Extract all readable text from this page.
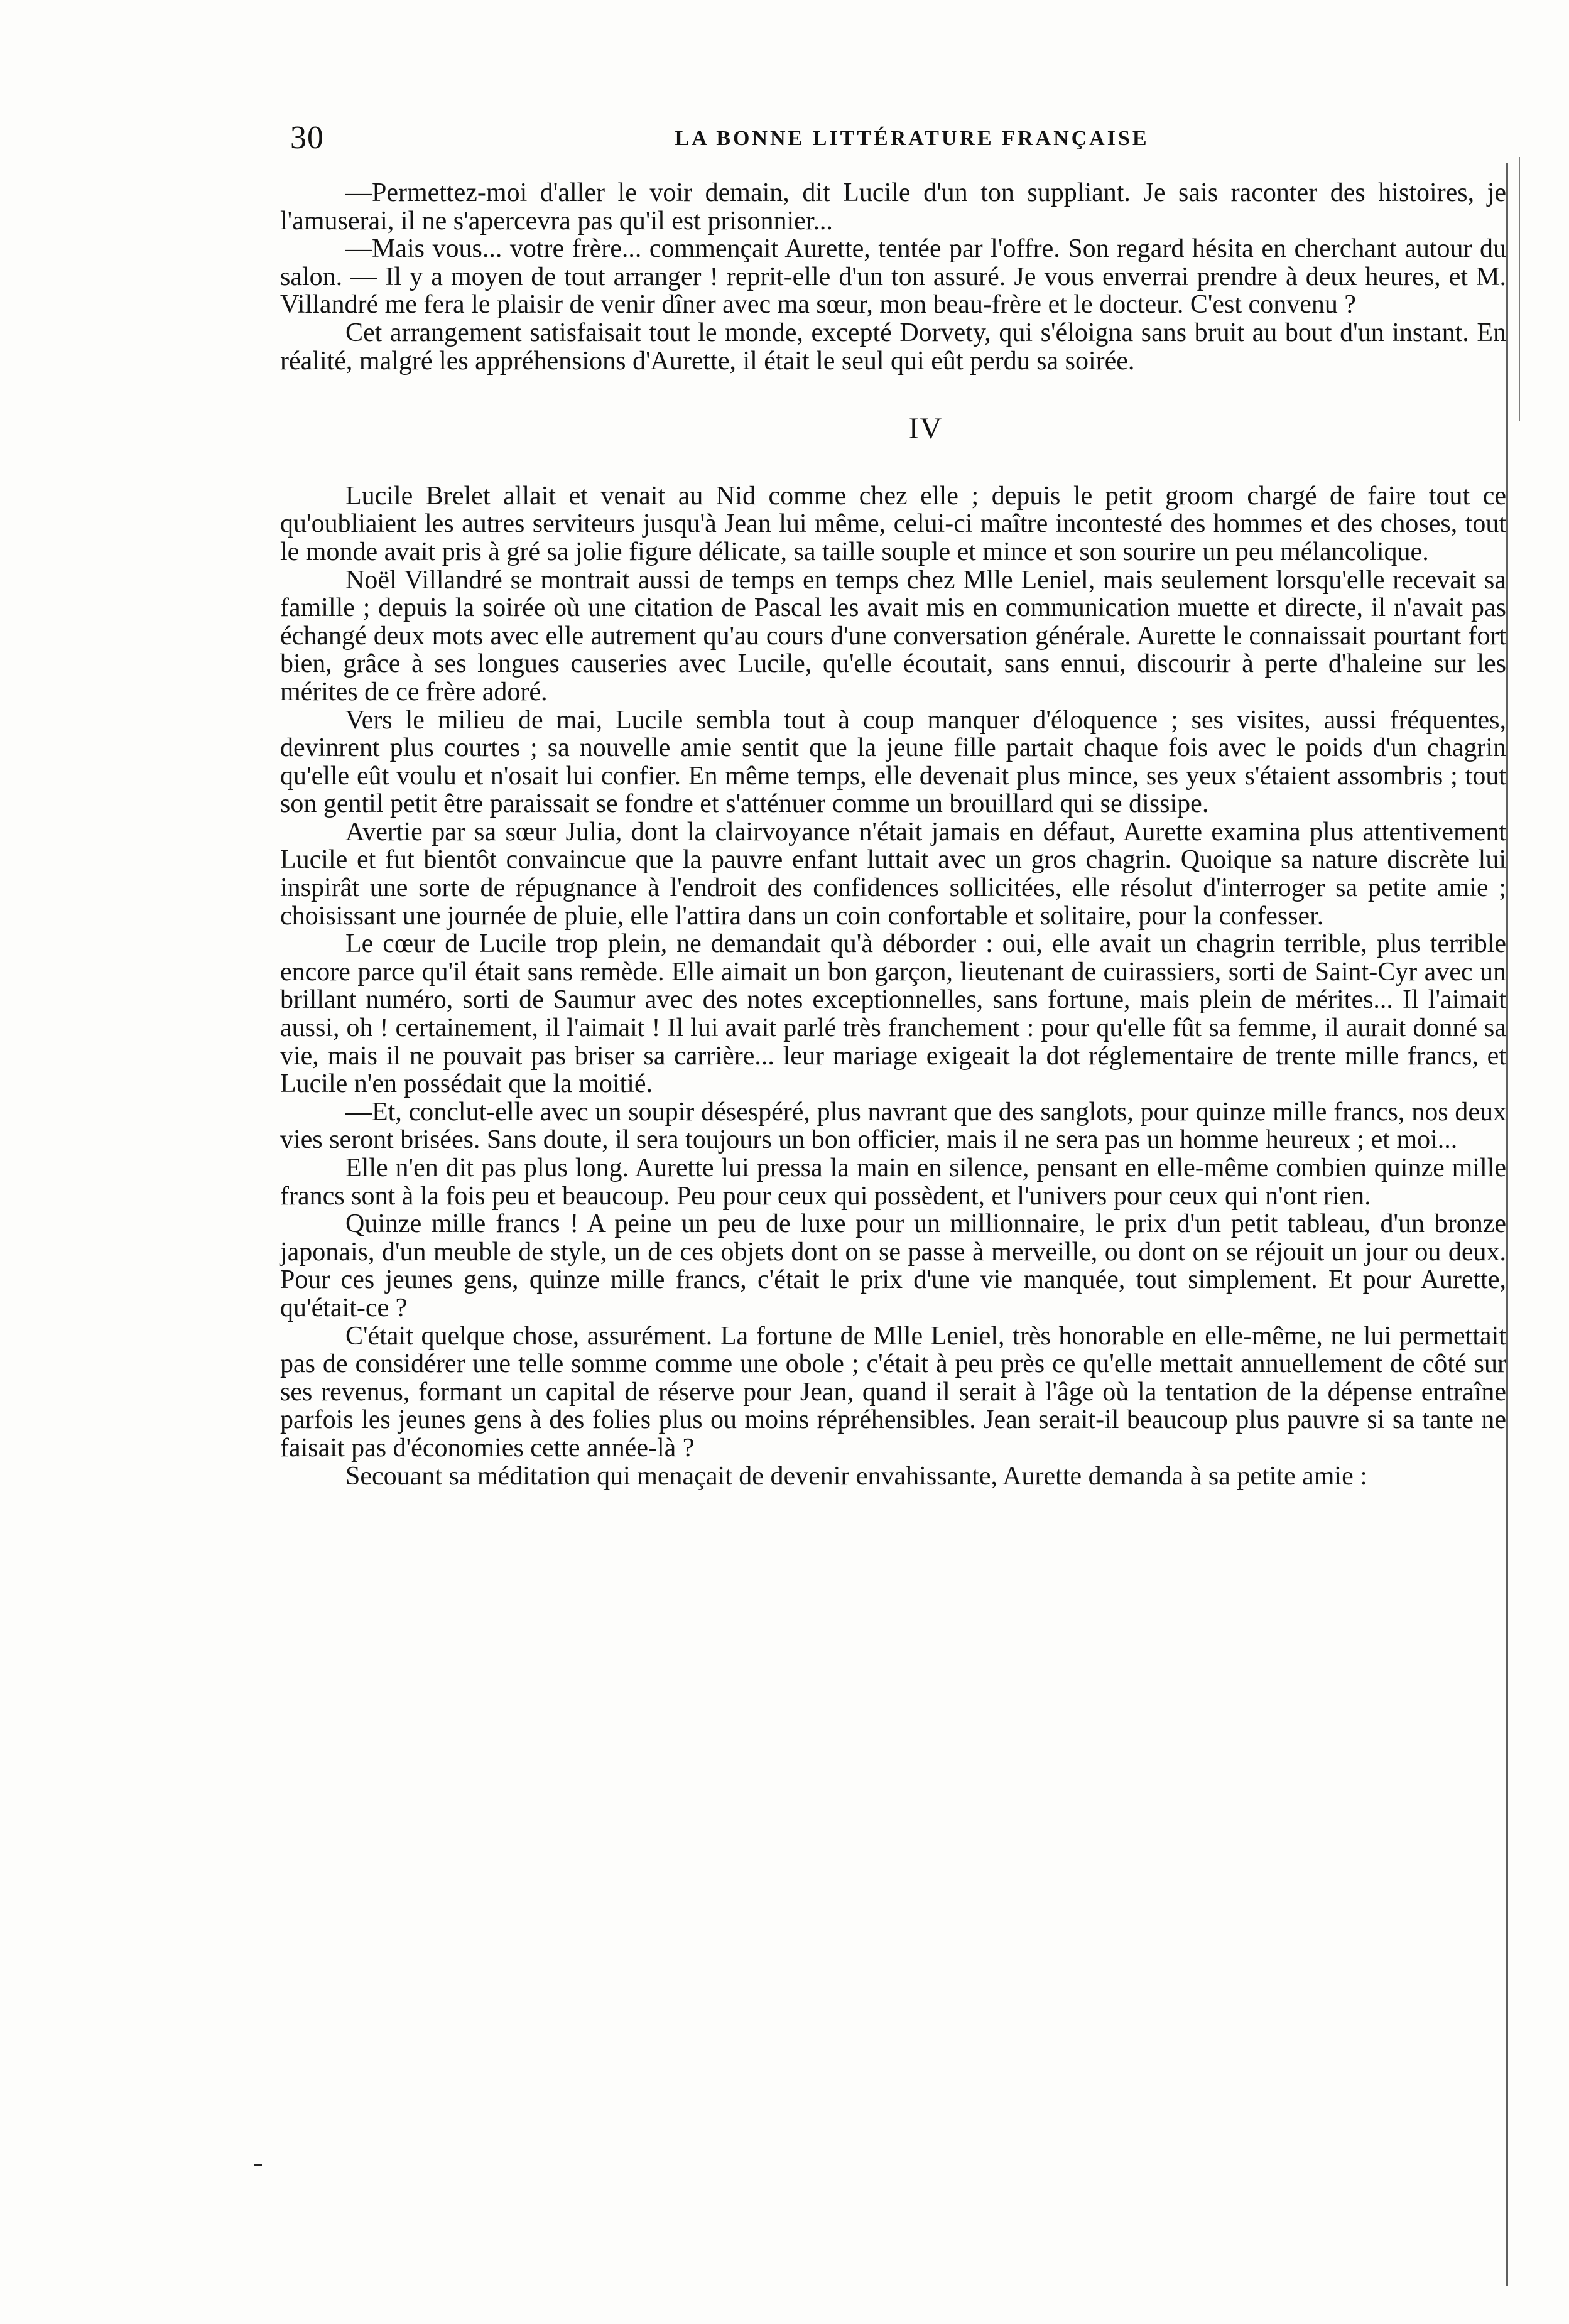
30	LA BONNE LITTÉRATURE FRANÇAISE

—Permettez-moi d'aller le voir demain, dit Lucile d'un ton suppliant. Je sais raconter des histoires, je l'amuserai, il ne s'apercevra pas qu'il est prisonnier...

—Mais vous... votre frère... commençait Aurette, tentée par l'offre. Son regard hésita en cherchant autour du salon. — Il y a moyen de tout arranger ! reprit-elle d'un ton assuré. Je vous enverrai prendre à deux heures, et M. Villandré me fera le plaisir de venir dîner avec ma sœur, mon beau-frère et le docteur. C'est convenu ?

Cet arrangement satisfaisait tout le monde, excepté Dorvety, qui s'éloigna sans bruit au bout d'un instant. En réalité, malgré les appréhensions d'Aurette, il était le seul qui eût perdu sa soirée.

IV

Lucile Brelet allait et venait au Nid comme chez elle ; depuis le petit groom chargé de faire tout ce qu'oubliaient les autres serviteurs jusqu'à Jean lui même, celui-ci maître incontesté des hommes et des choses, tout le monde avait pris à gré sa jolie figure délicate, sa taille souple et mince et son sourire un peu mélancolique.

Noël Villandré se montrait aussi de temps en temps chez Mlle Leniel, mais seulement lorsqu'elle recevait sa famille ; depuis la soirée où une citation de Pascal les avait mis en communication muette et directe, il n'avait pas échangé deux mots avec elle autrement qu'au cours d'une conversation générale. Aurette le connaissait pourtant fort bien, grâce à ses longues causeries avec Lucile, qu'elle écoutait, sans ennui, discourir à perte d'haleine sur les mérites de ce frère adoré.

Vers le milieu de mai, Lucile sembla tout à coup manquer d'éloquence ; ses visites, aussi fréquentes, devinrent plus courtes ; sa nouvelle amie sentit que la jeune fille partait chaque fois avec le poids d'un chagrin qu'elle eût voulu et n'osait lui confier. En même temps, elle devenait plus mince, ses yeux s'étaient assombris ; tout son gentil petit être paraissait se fondre et s'atténuer comme un brouillard qui se dissipe.

Avertie par sa sœur Julia, dont la clairvoyance n'était jamais en défaut, Aurette examina plus attentivement Lucile et fut bientôt convaincue que la pauvre enfant luttait avec un gros chagrin. Quoique sa nature discrète lui inspirât une sorte de répugnance à l'endroit des confidences sollicitées, elle résolut d'interroger sa petite amie ; choisissant une journée de pluie, elle l'attira dans un coin confortable et solitaire, pour la confesser.

Le cœur de Lucile trop plein, ne demandait qu'à déborder : oui, elle avait un chagrin terrible, plus terrible encore parce qu'il était sans remède. Elle aimait un bon garçon, lieutenant de cuirassiers, sorti de Saint-Cyr avec un brillant numéro, sorti de Saumur avec des notes exceptionnelles, sans fortune, mais plein de mérites... Il l'aimait aussi, oh ! certainement, il l'aimait ! Il lui avait parlé très franchement : pour qu'elle fût sa femme, il aurait donné sa vie, mais il ne pouvait pas briser sa carrière... leur mariage exigeait la dot réglementaire de trente mille francs, et Lucile n'en possédait que la moitié.

—Et, conclut-elle avec un soupir désespéré, plus navrant que des sanglots, pour quinze mille francs, nos deux vies seront brisées. Sans doute, il sera toujours un bon officier, mais il ne sera pas un homme heureux ; et moi...

Elle n'en dit pas plus long. Aurette lui pressa la main en silence, pensant en elle-même combien quinze mille francs sont à la fois peu et beaucoup. Peu pour ceux qui possèdent, et l'univers pour ceux qui n'ont rien.

Quinze mille francs ! A peine un peu de luxe pour un millionnaire, le prix d'un petit tableau, d'un bronze japonais, d'un meuble de style, un de ces objets dont on se passe à merveille, ou dont on se réjouit un jour ou deux. Pour ces jeunes gens, quinze mille francs, c'était le prix d'une vie manquée, tout simplement. Et pour Aurette, qu'était-ce ?

C'était quelque chose, assurément. La fortune de Mlle Leniel, très honorable en elle-même, ne lui permettait pas de considérer une telle somme comme une obole ; c'était à peu près ce qu'elle mettait annuellement de côté sur ses revenus, formant un capital de réserve pour Jean, quand il serait à l'âge où la tentation de la dépense entraîne parfois les jeunes gens à des folies plus ou moins répréhensibles. Jean serait-il beaucoup plus pauvre si sa tante ne faisait pas d'économies cette année-là ?

Secouant sa méditation qui menaçait de devenir envahissante, Aurette demanda à sa petite amie :
